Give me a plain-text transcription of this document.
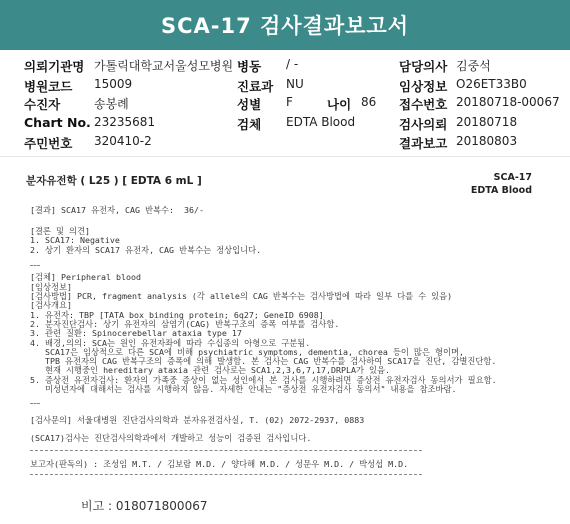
SCA-17 검사결과보고서
의뢰기관명 가톨릭대학교서울성모병원 병동 / -	담당의사 김중석
병원코드 15009	진료과 NU	임상정보 O26ET33B0
수진자	송봉례	성별 F	나이 86 접수번호 20180718-00067
Chart No. 23235681	검체 EDTA Blood	검사의뢰 20180718
주민번호 320410-2	결과보고 20180803
분자유전학 ( L25 ) [ EDTA 6 mL ]	SCA-17
EDTA Blood
[결과] SCA17 유전자, CAG 반복수:  36/-
[결론 및 의견]
1. SCA17: Negative
2. 상기 환자의 SCA17 유전자, CAG 반복수는 정상입니다.
[검체] Peripheral blood
[임상정보]
[검사방법] PCR, fragment analysis (각 allele의 CAG 반복수는 검사방법에 따라 일부 다를 수 있음)
[검사개요]
1. 유전자: TBP [TATA box binding protein; 6q27; GeneID 6908]
2. 분자진단검사: 상기 유전자의 삼염기(CAG) 반복구조의 증폭 여부를 검사함.
3. 관련 질환: Spinocerebellar ataxia type 17
4. 배경,의의: SCA는 원인 유전자좌에 따라 수십종의 아형으로 구분됨.
SCA17은 임상적으로 다른 SCA에 비해 psychiatric symptoms, dementia, chorea 등이 많은 형이며,
TPB 유전자의 CAG 반복구조의 증폭에 의해 발생함. 본 검사는 CAG 반복수를 검사하여 SCA17을 진단, 감별진단함.
현재 시행중인 hereditary ataxia 관련 검사로는 SCA1,2,3,6,7,17,DRPLA가 있음.
5. 증상전 유전자검사: 환자의 가족중 증상이 없는 성인에서 본 검사를 시행하려면 증상전 유전자검사 동의서가 필요함.
미성년자에 대해서는 검사를 시행하지 않음. 자세한 안내는 "증상전 유전자검사 동의서" 내용을 참조바람.
[검사문의] 서울대병원 진단검사의학과 분자유전검사실, T. (02) 2072-2937, 0883
(SCA17)검사는 진단검사의학과에서 개발하고 성능이 검증된 검사입니다.
보고자(판독의) : 조성임 M.T. / 김보람 M.D. / 양다해 M.D. / 성문우 M.D. / 박성섭 M.D.
비고 : 018071800067
